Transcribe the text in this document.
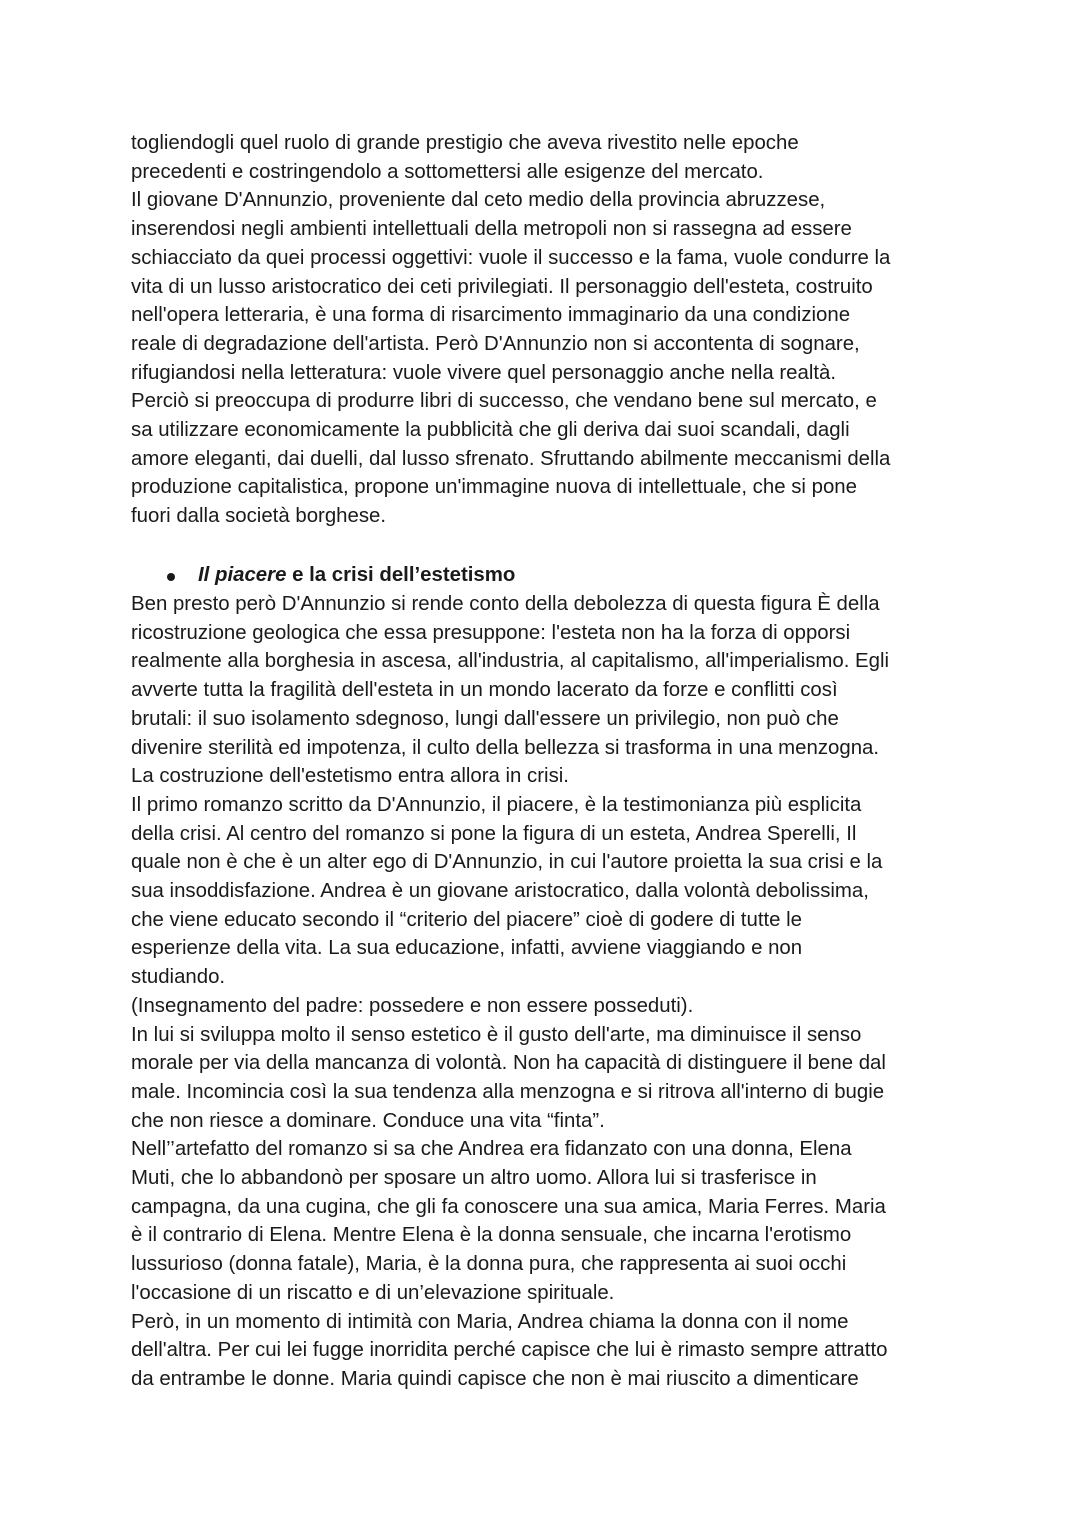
togliendogli quel ruolo di grande prestigio che aveva rivestito nelle epoche
precedenti e costringendolo a sottomettersi alle esigenze del mercato.
Il giovane D'Annunzio, proveniente dal ceto medio della provincia abruzzese,
inserendosi negli ambienti intellettuali della metropoli non si rassegna ad essere
schiacciato da quei processi oggettivi: vuole il successo e la fama, vuole condurre la
vita di un lusso aristocratico dei ceti privilegiati. Il personaggio dell'esteta, costruito
nell'opera letteraria, è una forma di risarcimento immaginario da una condizione
reale di degradazione dell'artista. Però D'Annunzio non si accontenta di sognare,
rifugiandosi nella letteratura: vuole vivere quel personaggio anche nella realtà.
Perciò si preoccupa di produrre libri di successo, che vendano bene sul mercato, e
sa utilizzare economicamente la pubblicità che gli deriva dai suoi scandali, dagli
amore eleganti, dai duelli, dal lusso sfrenato. Sfruttando abilmente meccanismi della
produzione capitalistica, propone un'immagine nuova di intellettuale, che si pone
fuori dalla società borghese.
Il piacere e la crisi dell’estetismo
Ben presto però D'Annunzio si rende conto della debolezza di questa figura È della
ricostruzione geologica che essa presuppone: l'esteta non ha la forza di opporsi
realmente alla borghesia in ascesa, all'industria, al capitalismo, all'imperialismo. Egli
avverte tutta la fragilità dell'esteta in un mondo lacerato da forze e conflitti così
brutali: il suo isolamento sdegnoso, lungi dall'essere un privilegio, non può che
divenire sterilità ed impotenza, il culto della bellezza si trasforma in una menzogna.
La costruzione dell'estetismo entra allora in crisi.
Il primo romanzo scritto da D'Annunzio, il piacere, è la testimonianza più esplicita
della crisi. Al centro del romanzo si pone la figura di un esteta, Andrea Sperelli, Il
quale non è che è un alter ego di D'Annunzio, in cui l'autore proietta la sua crisi e la
sua insoddisfazione. Andrea è un giovane aristocratico, dalla volontà debolissima,
che viene educato secondo il “criterio del piacere” cioè di godere di tutte le
esperienze della vita. La sua educazione, infatti, avviene viaggiando e non
studiando.
(Insegnamento del padre: possedere e non essere posseduti).
In lui si sviluppa molto il senso estetico è il gusto dell'arte, ma diminuisce il senso
morale per via della mancanza di volontà. Non ha capacità di distinguere il bene dal
male. Incomincia così la sua tendenza alla menzogna e si ritrova all'interno di bugie
che non riesce a dominare. Conduce una vita “finta”.
Nell’’artefatto del romanzo si sa che Andrea era fidanzato con una donna, Elena
Muti, che lo abbandonò per sposare un altro uomo. Allora lui si trasferisce in
campagna, da una cugina, che gli fa conoscere una sua amica, Maria Ferres. Maria
è il contrario di Elena. Mentre Elena è la donna sensuale, che incarna l'erotismo
lussurioso (donna fatale), Maria, è la donna pura, che rappresenta ai suoi occhi
l'occasione di un riscatto e di un’elevazione spirituale.
Però, in un momento di intimità con Maria, Andrea chiama la donna con il nome
dell'altra. Per cui lei fugge inorridita perché capisce che lui è rimasto sempre attratto
da entrambe le donne. Maria quindi capisce che non è mai riuscito a dimenticare
